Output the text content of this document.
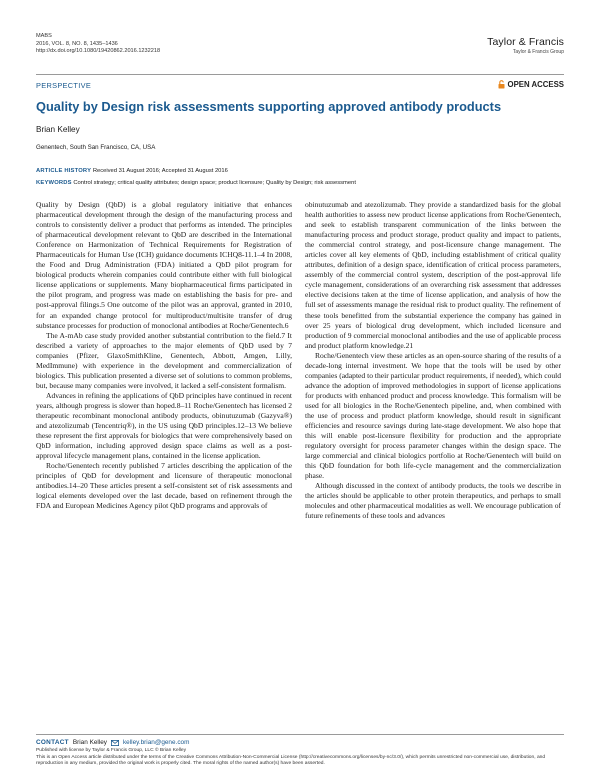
MABS
2016, VOL. 8, NO. 8, 1435–1436
http://dx.doi.org/10.1080/19420862.2016.1232218
Taylor & Francis
Taylor & Francis Group
PERSPECTIVE	OPEN ACCESS
Quality by Design risk assessments supporting approved antibody products
Brian Kelley
Genentech, South San Francisco, CA, USA
ARTICLE HISTORY Received 31 August 2016; Accepted 31 August 2016
KEYWORDS Control strategy; critical quality attributes; design space; product licensure; Quality by Design; risk assessment

Quality by Design (QbD) is a global regulatory initiative that enhances pharmaceutical development through the design of the manufacturing process and controls to consistently deliver a product that performs as intended. The principles of pharmaceutical development relevant to QbD are described in the International Conference on Harmonization of Technical Requirements for Registration of Pharmaceuticals for Human Use (ICH) guidance documents ICHQ8-11.1–4 In 2008, the Food and Drug Administration (FDA) initiated a QbD pilot program for biological products wherein companies could contribute either with full biological license applications or supplements. Many biopharmaceutical firms participated in the pilot program, and progress was made on establishing the basis for pre- and post-approval filings.5 One outcome of the pilot was an approval, granted in 2010, for an expanded change protocol for multiproduct/multisite transfer of drug substance processes for production of monoclonal antibodies at Roche/Genentech.6

The A-mAb case study provided another substantial contribution to the field.7 It described a variety of approaches to the major elements of QbD used by 7 companies (Pfizer, GlaxoSmithKline, Genentech, Abbott, Amgen, Lilly, MedImmune) with experience in the development and commercialization of biologics. This publication presented a diverse set of solutions to common problems, but, because many companies were involved, it lacked a self-consistent formalism.

Advances in refining the applications of QbD principles have continued in recent years, although progress is slower than hoped.8–11 Roche/Genentech has licensed 2 therapeutic recombinant monoclonal antibody products, obinutuzumab (Gazyva®) and atezolizumab (Tencentriq®), in the US using QbD principles.12–13 We believe these represent the first approvals for biologics that were comprehensively based on QbD information, including approved design space claims as well as a post-approval lifecycle management plans, contained in the license application.

Roche/Genentech recently published 7 articles describing the application of the principles of QbD for development and licensure of therapeutic monoclonal antibodies.14–20 These articles present a self-consistent set of risk assessments and logical elements developed over the last decade, based on refinement through the FDA and European Medicines Agency pilot QbD programs and approvals of

obinutuzumab and atezolizumab. They provide a standardized basis for the global health authorities to assess new product license applications from Roche/Genentech, and seek to establish transparent communication of the links between the manufacturing process and product storage, product quality and impact to patients, the commercial control strategy, and post-licensure change management. The articles cover all key elements of QbD, including establishment of critical quality attributes, definition of a design space, identification of critical process parameters, assembly of the commercial control system, description of the post-approval life cycle management, considerations of an overarching risk assessment that addresses elective decisions taken at the time of license application, and analysis of how the full set of assessments manage the residual risk to product quality. The refinement of these tools benefitted from the substantial experience the company has gained in over 25 years of biological drug development, which included licensure and production of 9 commercial monoclonal antibodies and the use of applicable process and product platform knowledge.21

Roche/Genentech view these articles as an open-source sharing of the results of a decade-long internal investment. We hope that the tools will be used by other companies (adapted to their particular product requirements, if needed), which could advance the adoption of improved methodologies in support of license applications for products with enhanced product and process knowledge. This formalism will be used for all biologics in the Roche/Genentech pipeline, and, when combined with the use of process and product platform knowledge, should result in significant efficiencies and resource savings during late-stage development. We also hope that this will enable post-licensure flexibility for production and the appropriate regulatory oversight for process parameter changes within the design space. The large commercial and clinical biologics portfolio at Roche/Genentech will build on this QbD foundation for both life-cycle management and the commercialization phase.

Although discussed in the context of antibody products, the tools we describe in the articles should be applicable to other protein therapeutics, and perhaps to small molecules and other pharmaceutical modalities as well. We encourage publication of future refinements of these tools and advances

CONTACT Brian Kelley	kelley.brian@gene.com
Published with license by Taylor & Francis Group, LLC © Brian Kelley
This is an Open Access article distributed under the terms of the Creative Commons Attribution-Non-Commercial License (http://creativecommons.org/licenses/by-nc/3.0/), which permits unrestricted non-commercial use, distribution, and reproduction in any medium, provided the original work is properly cited. The moral rights of the named author(s) have been asserted.
